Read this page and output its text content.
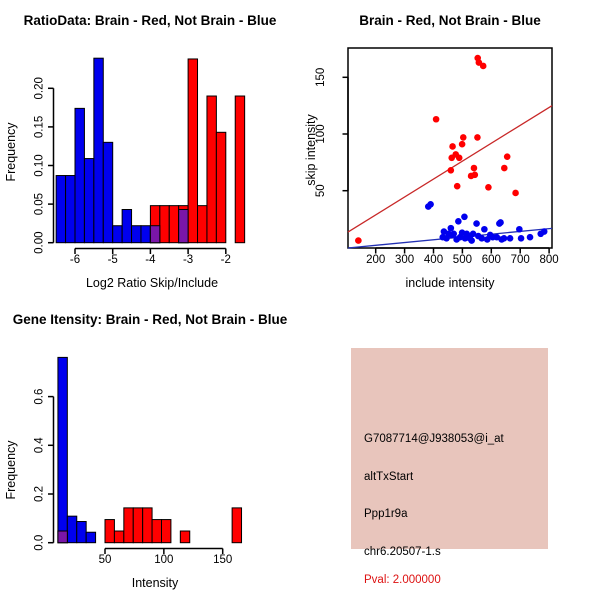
RatioData: Brain - Red, Not Brain - Blue
Log2 Ratio Skip/Include
Frequency
-6 -5 -4 -3 -2
0.00
0.05
0.10
0.15
0.20
Brain - Red, Not Brain - Blue
include intensity
skip intensity
200 300 400 500 600 700 800
50
100
150
Gene Itensity: Brain - Red, Not Brain - Blue
Intensity
Frequency
50	100	150
0.0
0.2
0.4
0.6
G7087714@J938053@i_at
altTxStart
Ppp1r9a
chr6.20507-1.s
Pval: 2.000000
